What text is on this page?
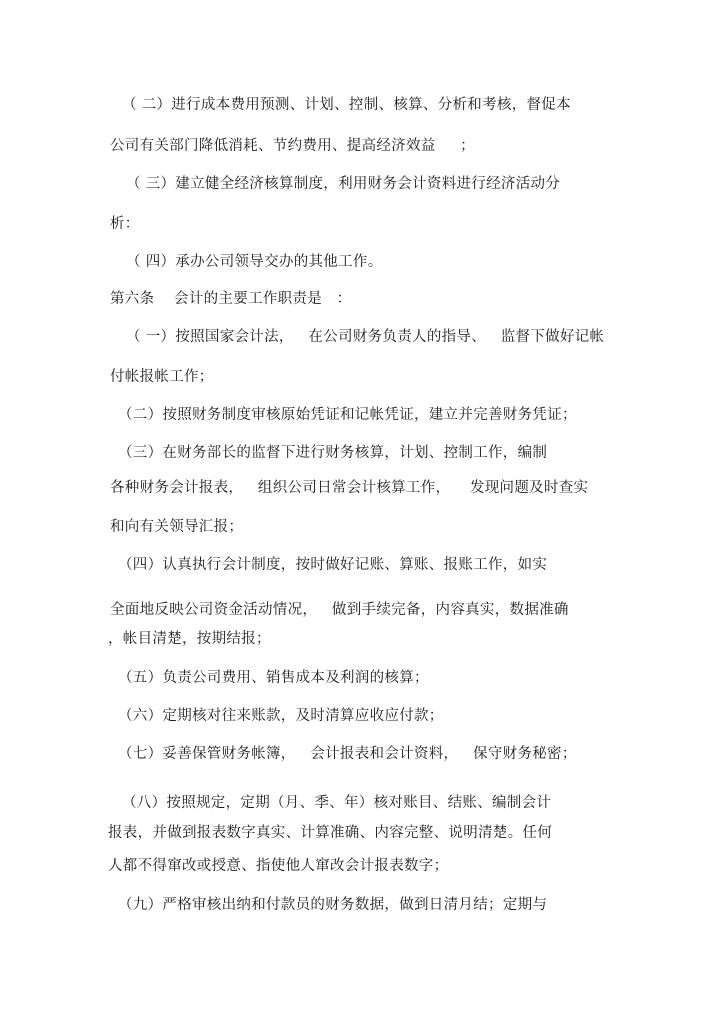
（ 二）进行成本费用预测、计划、控制、核算、分析和考核，督促本
公司有关部门降低消耗、节约费用、提高经济效益     ；
（ 三）建立健全经济核算制度，利用财务会计资料进行经济活动分
析：
（ 四）承办公司领导交办的其他工作。
第六条    会计的主要工作职责是   ：
（ 一）按照国家会计法，   在公司财务负责人的指导、   监督下做好记帐
付帐报帐工作；
（二）按照财务制度审核原始凭证和记帐凭证，建立并完善财务凭证；
（三）在财务部长的监督下进行财务核算，计划、控制工作，编制
各种财务会计报表，   组织公司日常会计核算工作，    发现问题及时查实
和向有关领导汇报；
（四）认真执行会计制度，按时做好记账、算账、报账工作，如实
全面地反映公司资金活动情况，   做到手续完备，内容真实，数据准确
，帐目清楚，按期结报；
（五）负责公司费用、销售成本及利润的核算；
（六）定期核对往来账款，及时清算应收应付款；
（七）妥善保管财务帐簿，   会计报表和会计资料，   保守财务秘密；
（八）按照规定，定期（月、季、年）核对账目、结账、编制会计
报表，并做到报表数字真实、计算准确、内容完整、说明清楚。任何
人都不得窜改或授意、指使他人窜改会计报表数字；
（九）严格审核出纳和付款员的财务数据，做到日清月结；定期与
